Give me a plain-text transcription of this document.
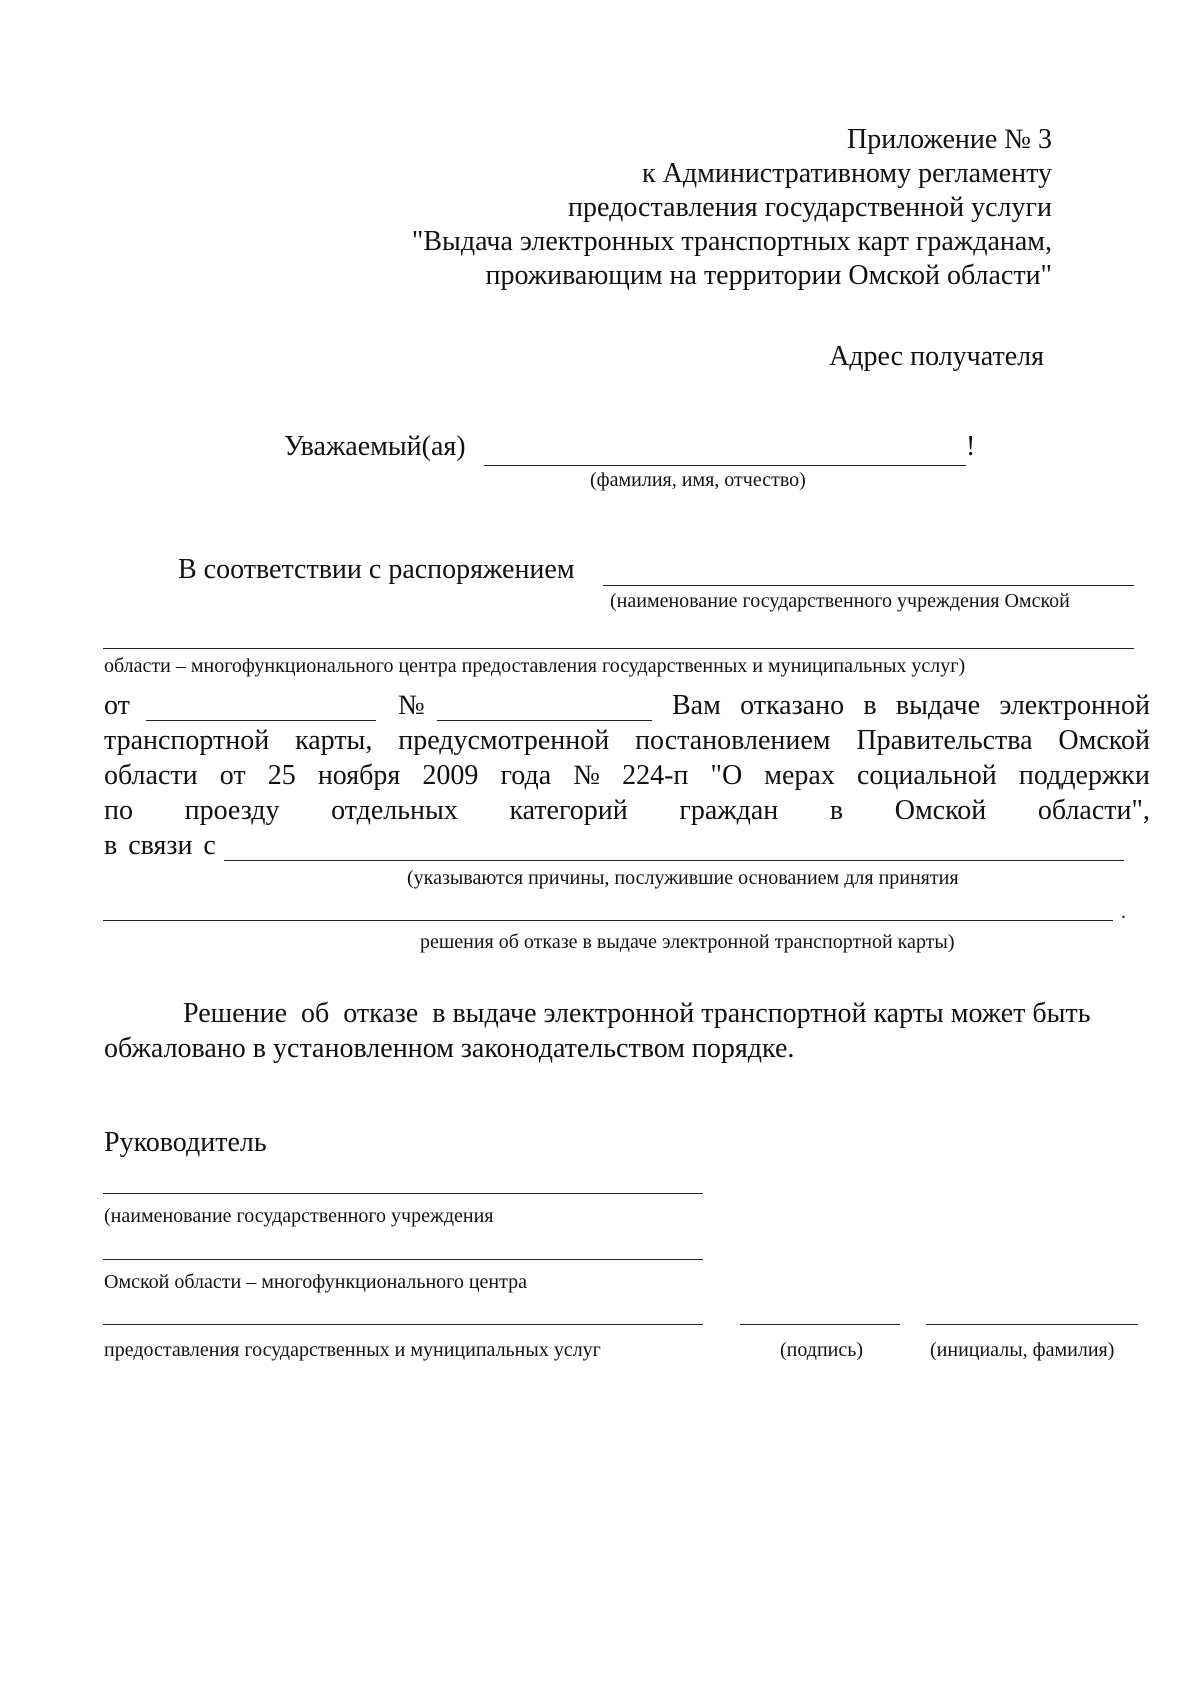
Приложение № 3
к Административному регламенту
предоставления государственной услуги
"Выдача электронных транспортных карт гражданам,
проживающим на территории Омской области"
Адрес получателя
Уважаемый(ая)	!
(фамилия, имя, отчество)
В соответствии с распоряжением
(наименование государственного учреждения Омской
области – многофункционального центра предоставления государственных и муниципальных услуг)
от	№	Вам отказано в выдаче электронной
транспортной карты, предусмотренной постановлением Правительства Омской
области от 25 ноября 2009 года № 224-п "О мерах социальной поддержки
по проезду отдельных категорий граждан в Омской области",
в связи с
(указываются причины, послужившие основанием для принятия
.
решения об отказе в выдаче электронной транспортной карты)
Решение  об  отказе  в выдаче электронной транспортной карты может быть
обжаловано в установленном законодательством порядке.
Руководитель
(наименование государственного учреждения
Омской области – многофункционального центра
предоставления государственных и муниципальных услуг	(подпись)	(инициалы, фамилия)
